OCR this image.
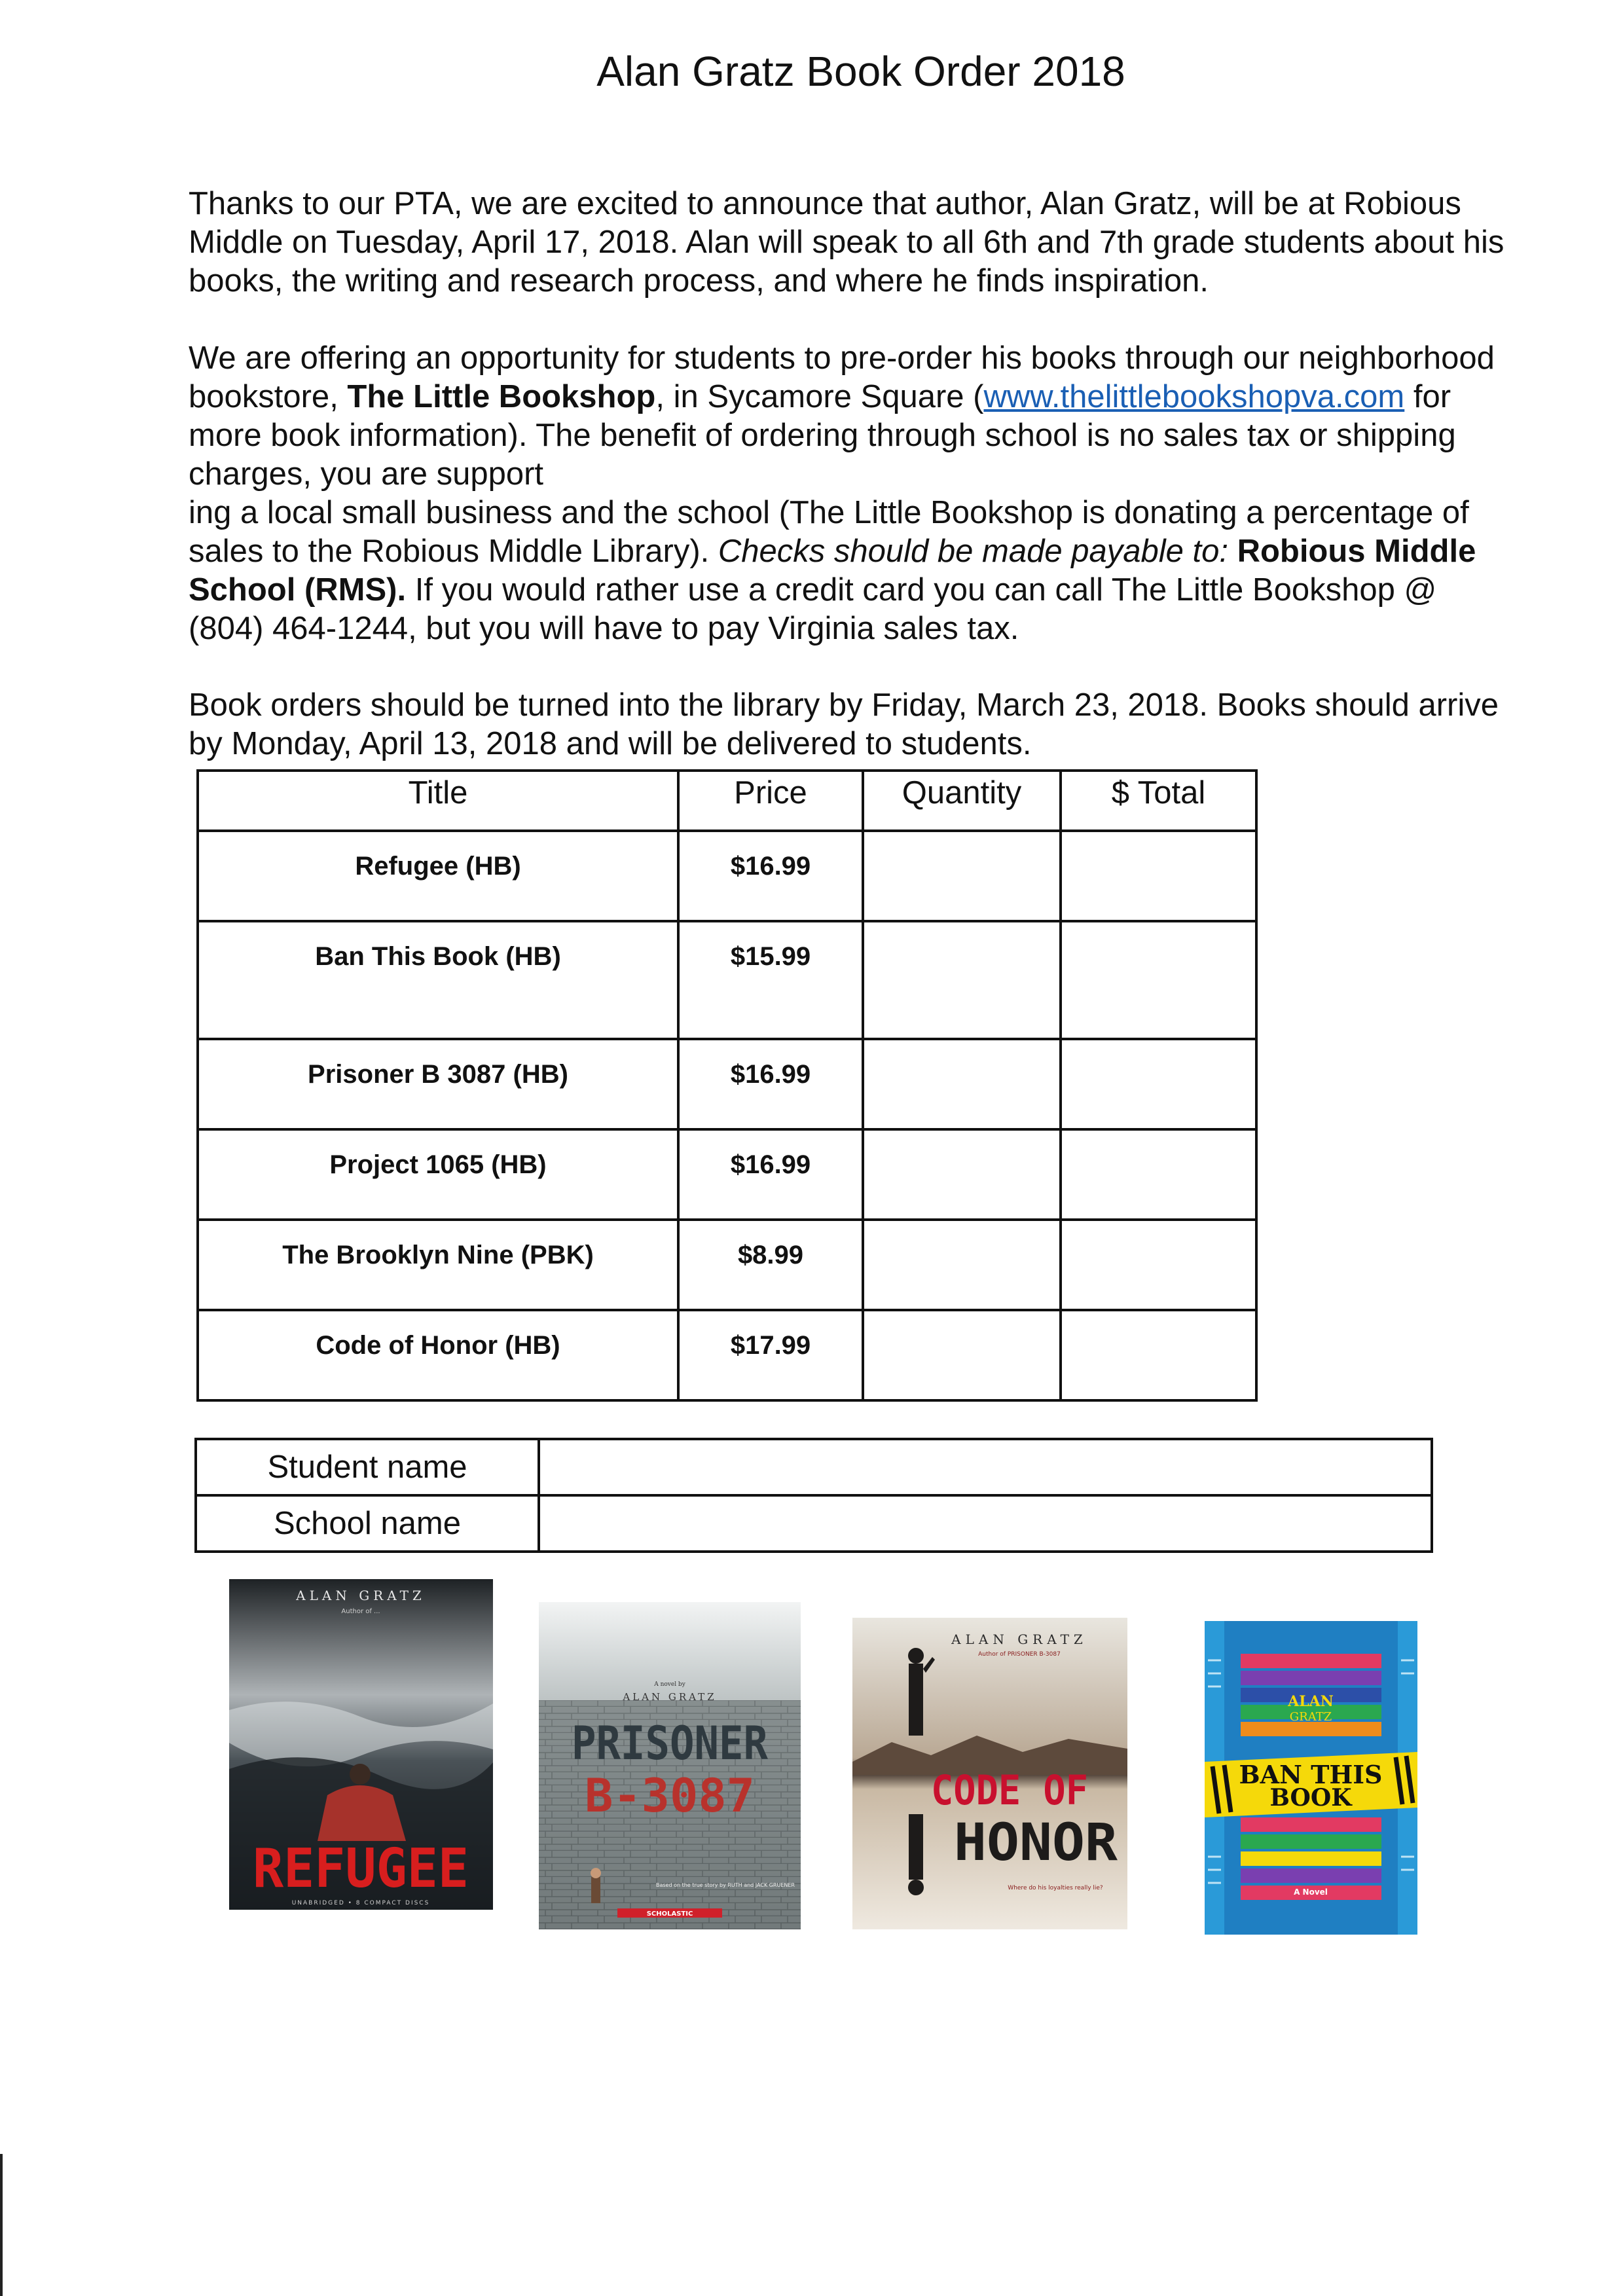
Alan Gratz Book Order 2018

Thanks to our PTA, we are excited to announce that author, Alan Gratz, will be at Robious Middle on Tuesday, April 17, 2018. Alan will speak to all 6th and 7th grade students about his books, the writing and research process, and where he finds inspiration.

We are offering an opportunity for students to pre-order his books through our neighborhood bookstore, The Little Bookshop, in Sycamore Square (www.thelittlebookshopva.com for more book information). The benefit of ordering through school is no sales tax or shipping charges, you are support
ing a local small business and the school (The Little Bookshop is donating a percentage of sales to the Robious Middle Library). Checks should be made payable to: Robious Middle School (RMS). If you would rather use a credit card you can call The Little Bookshop @ (804) 464-1244, but you will have to pay Virginia sales tax.

Book orders should be turned into the library by Friday, March 23, 2018. Books should arrive by Monday, April 13, 2018 and will be delivered to students.

Title	Price	Quantity	$ Total
Refugee (HB)	$16.99		
Ban This Book (HB)	$15.99		
Prisoner B 3087 (HB)	$16.99		
Project 1065 (HB)	$16.99		
The Brooklyn Nine (PBK)	$8.99		
Code of Honor (HB)	$17.99		
Student name	
School name	
ALAN GRATZ
Author of ...
REFUGEE
UNABRIDGED • 8 COMPACT DISCS
A novel by
ALAN GRATZ
PRISONER
B-3087
Based on the true story by RUTH and JACK GRUENER
SCHOLASTIC
ALAN GRATZ
Author of PRISONER B-3087
CODE OF
HONOR
Where do his loyalties really lie?
ALAN
GRATZ
BAN THIS
BOOK
A Novel
